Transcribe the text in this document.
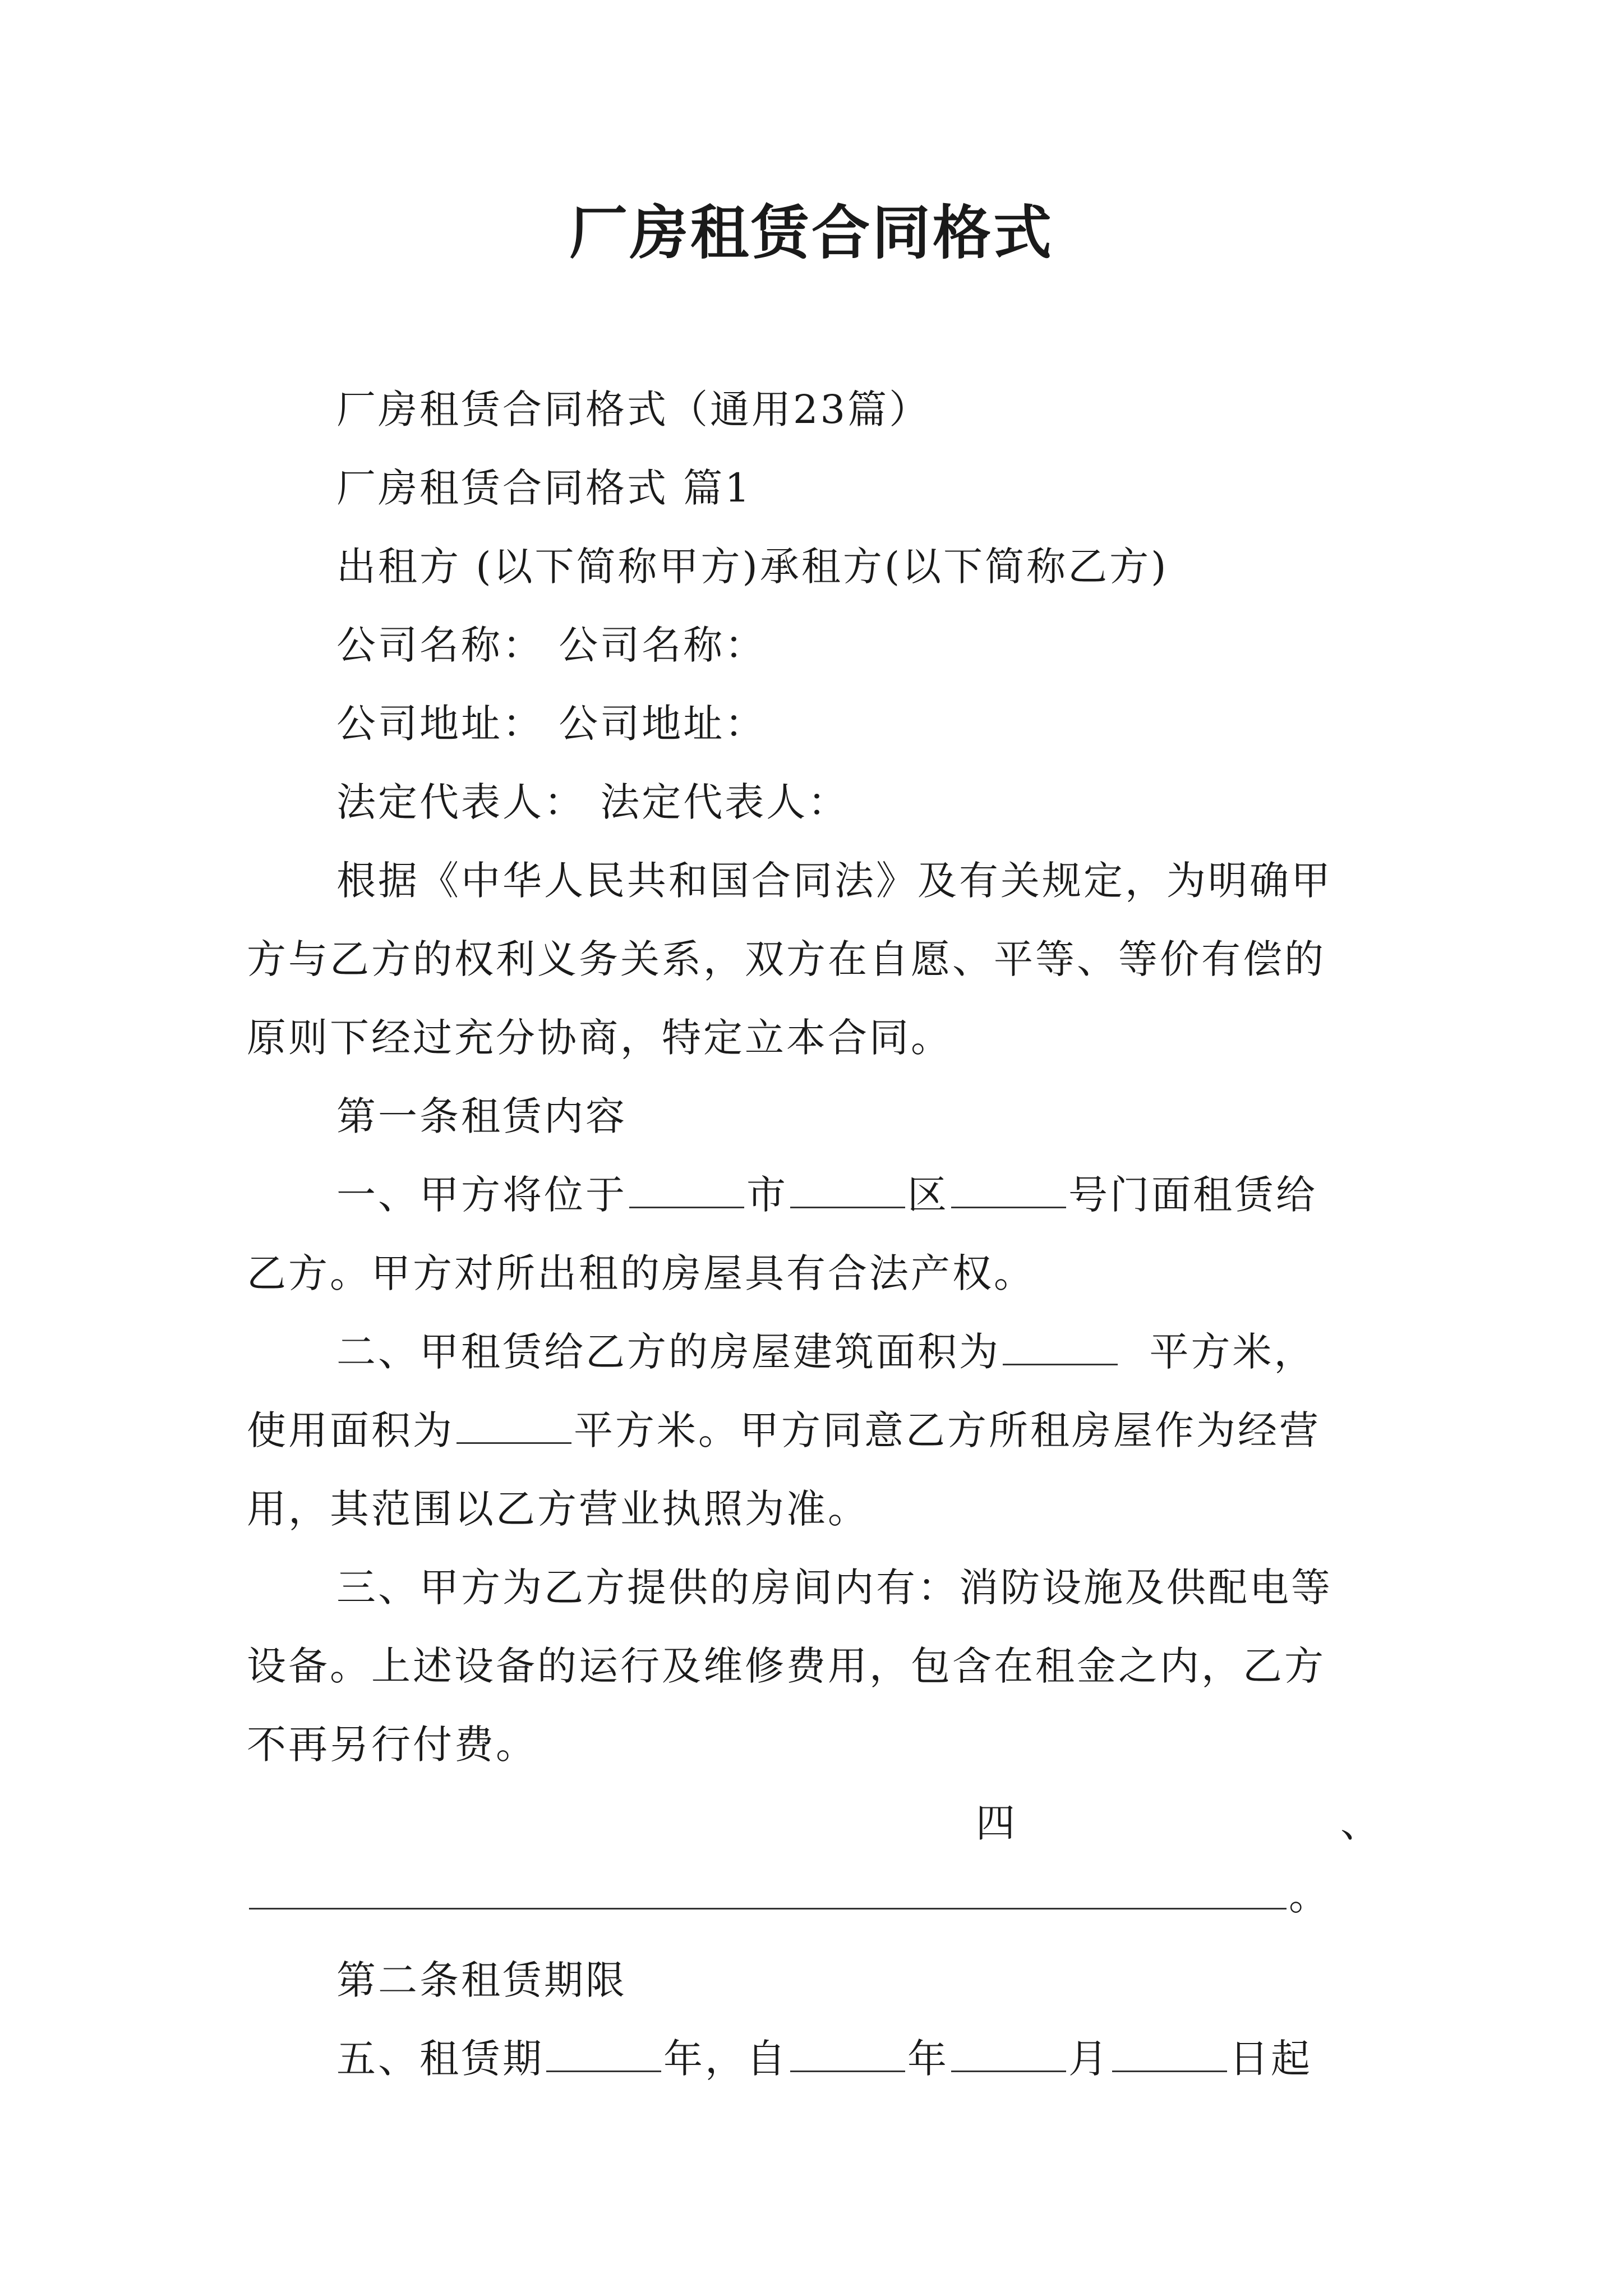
厂房租赁合同格式
厂房租赁合同格式（通用23篇）
厂房租赁合同格式 篇1
出租方 (以下简称甲方)承租方(以下简称乙方)
公司名称： 公司名称：
公司地址： 公司地址：
法定代表人： 法定代表人：
根据《中华人民共和国合同法》及有关规定，为明确甲
方与乙方的权利义务关系，双方在自愿、平等、等价有偿的
原则下经过充分协商，特定立本合同。
第一条租赁内容
一、甲方将位于	市	区	号门面租赁给
乙方。甲方对所出租的房屋具有合法产权。
二、甲租赁给乙方的房屋建筑面积为	平方米，
使用面积为	平方米。甲方同意乙方所租房屋作为经营
用，其范围以乙方营业执照为准。
三、甲方为乙方提供的房间内有：消防设施及供配电等
设备。上述设备的运行及维修费用，包含在租金之内，乙方
不再另行付费。
四	、
。
第二条租赁期限
五、租赁期	年，自	年	月	日起
